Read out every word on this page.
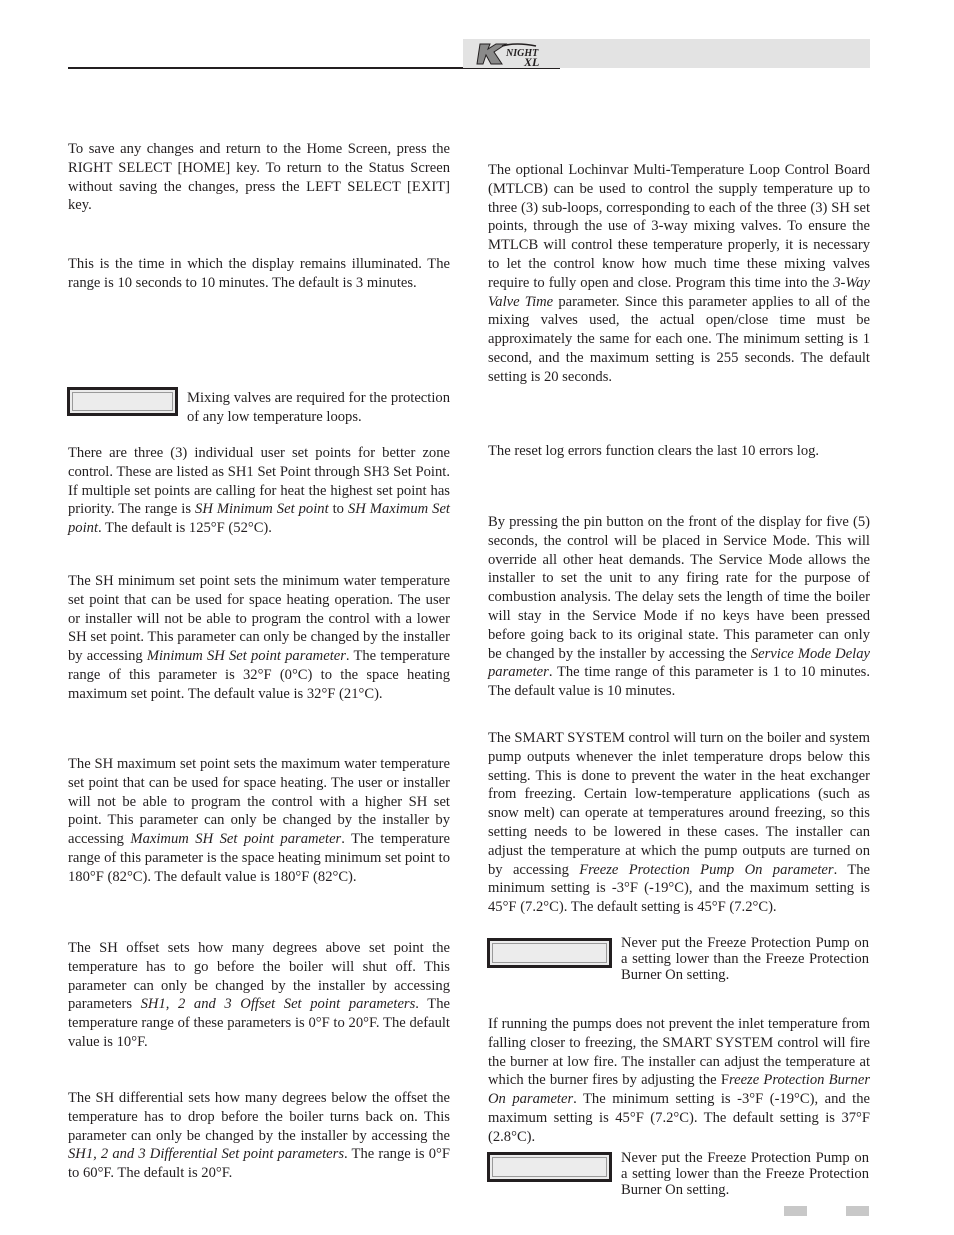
NIGHT
XL

To save any changes and return to the Home Screen, press the RIGHT SELECT [HOME] key. To return to the Status Screen without saving the changes, press the LEFT SELECT [EXIT] key.

This is the time in which the display remains illuminated. The range is 10 seconds to 10 minutes. The default is 3 minutes.

Mixing valves are required for the protection of any low temperature loops.

There are three (3) individual user set points for better zone control. These are listed as SH1 Set Point through SH3 Set Point. If multiple set points are calling for heat the highest set point has priority. The range is SH Minimum Set point to SH Maximum Set point. The default is 125°F (52°C).

The SH minimum set point sets the minimum water temperature set point that can be used for space heating operation. The user or installer will not be able to program the control with a lower SH set point. This parameter can only be changed by the installer by accessing Minimum SH Set point parameter. The temperature range of this parameter is 32°F (0°C) to the space heating maximum set point. The default value is 32°F (21°C).

The SH maximum set point sets the maximum water temperature set point that can be used for space heating. The user or installer will not be able to program the control with a higher SH set point. This parameter can only be changed by the installer by accessing Maximum SH Set point parameter. The temperature range of this parameter is the space heating minimum set point to 180°F (82°C). The default value is 180°F (82°C).

The SH offset sets how many degrees above set point the temperature has to go before the boiler will shut off. This parameter can only be changed by the installer by accessing parameters SH1, 2 and 3 Offset Set point parameters. The temperature range of these parameters is 0°F to 20°F. The default value is 10°F.

The SH differential sets how many degrees below the offset the temperature has to drop before the boiler turns back on. This parameter can only be changed by the installer by accessing the SH1, 2 and 3 Differential Set point parameters. The range is 0°F to 60°F. The default is 20°F.

The optional Lochinvar Multi-Temperature Loop Control Board (MTLCB) can be used to control the supply temperature up to three (3) sub-loops, corresponding to each of the three (3) SH set points, through the use of 3-way mixing valves. To ensure the MTLCB will control these temperature properly, it is necessary to let the control know how much time these mixing valves require to fully open and close. Program this time into the 3-Way Valve Time parameter. Since this parameter applies to all of the mixing valves used, the actual open/close time must be approximately the same for each one. The minimum setting is 1 second, and the maximum setting is 255 seconds. The default setting is 20 seconds.

The reset log errors function clears the last 10 errors log.

By pressing the pin button on the front of the display for five (5) seconds, the control will be placed in Service Mode. This will override all other heat demands. The Service Mode allows the installer to set the unit to any firing rate for the purpose of combustion analysis. The delay sets the length of time the boiler will stay in the Service Mode if no keys have been pressed before going back to its original state. This parameter can only be changed by the installer by accessing the Service Mode Delay parameter. The time range of this parameter is 1 to 10 minutes. The default value is 10 minutes.

The SMART SYSTEM control will turn on the boiler and system pump outputs whenever the inlet temperature drops below this setting. This is done to prevent the water in the heat exchanger from freezing. Certain low-temperature applications (such as snow melt) can operate at temperatures around freezing, so this setting needs to be lowered in these cases. The installer can adjust the temperature at which the pump outputs are turned on by accessing Freeze Protection Pump On parameter. The minimum setting is -3°F (-19°C), and the maximum setting is 45°F (7.2°C). The default setting is 45°F (7.2°C).

Never put the Freeze Protection Pump on a setting lower than the Freeze Protection Burner On setting.

If running the pumps does not prevent the inlet temperature from falling closer to freezing, the SMART SYSTEM control will fire the burner at low fire. The installer can adjust the temperature at which the burner fires by adjusting the Freeze Protection Burner On parameter. The minimum setting is -3°F (-19°C), and the maximum setting is 45°F (7.2°C). The default setting is 37°F (2.8°C).

Never put the Freeze Protection Pump on a setting lower than the Freeze Protection Burner On setting.
